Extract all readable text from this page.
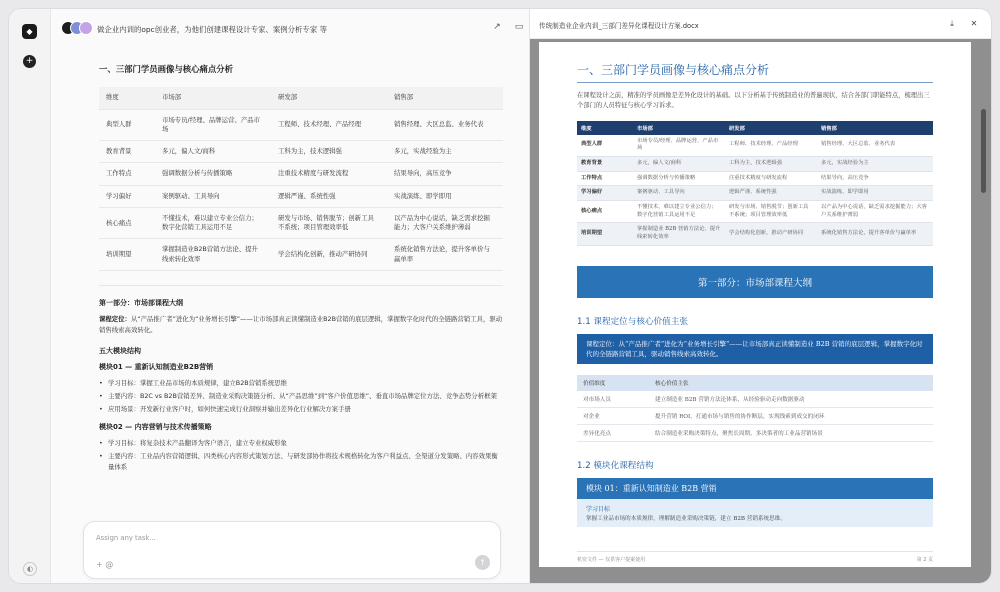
◆
+
◐
做企业内训的opc创业者，为他们创建课程设计专家、案例分析专家 等	↗ ▭
一、三部门学员画像与核心痛点分析
维度	市场部	研发部	销售部
典型人群	市场专员/经理、品牌运营、产品市场	工程师、技术经理、产品经理	销售经理、大区总监、业务代表
教育背景	多元，偏人文/商科	工科为主，技术逻辑强	多元，实战经验为主
工作特点	强调数据分析与传播策略	注重技术精度与研发流程	结果导向，高压竞争
学习偏好	案例驱动、工具导向	逻辑严谨、系统性强	实战演练、即学即用
核心痛点	不懂技术，难以建立专业公信力；数字化营销工具运用不足	研发与市场、销售脱节；创新工具不系统；项目管理效率低	以产品为中心说话，缺乏需求挖掘能力；大客户关系维护薄弱
培训期望	掌握制造业B2B营销方法论、提升线索转化效率	学会结构化创新，推动产研协同	系统化销售方法论，提升客单价与赢单率
第一部分：市场部课程大纲
课程定位：从“产品推广者”进化为“业务增长引擎”——让市场部真正读懂制造业B2B营销的底层逻辑，掌握数字化时代的全链路营销工具，驱动销售线索高效转化。
五大模块结构
模块01 — 重新认知制造业B2B营销
• 学习目标：掌握工业品市场的本质规律，建立B2B营销系统思维
• 主要内容：B2C vs B2B营销差异、制造业采购决策链分析、从“产品思维”到“客户价值思维”、垂直市场品牌定位方法、竞争态势分析框架
• 应用场景：开发新行业客户时，如何快速完成行业洞察并输出差异化行业解决方案手册
模块02 — 内容营销与技术传播策略
• 学习目标：将复杂技术产品翻译为客户语言，建立专业权威形象
• 主要内容：工业品内容营销逻辑、四类核心内容形式策划方法、与研发部协作将技术规格转化为客户利益点、全渠道分发策略、内容效果衡量体系
Assign any task...
+ @	↑
传统制造业企业内训_三部门差异化课程设计方案.docx	⤓	✕
一、三部门学员画像与核心痛点分析
在课程设计之前，精准的学员画像是差异化设计的基础。以下分析基于传统制造业的普遍现状，结合各部门职能特点，梳理出三个部门的人员特征与核心学习诉求。
维度	市场部	研发部	销售部
典型人群	市场专员/经理、品牌运营、产品市场	工程师、技术经理、产品经理	销售经理、大区总监、业务代表
教育背景	多元，偏人文/商科	工科为主，技术逻辑强	多元，实战经验为主
工作特点	强调数据分析与传播策略	注重技术精度与研发流程	结果导向，高压竞争
学习偏好	案例驱动、工具导向	逻辑严谨、系统性强	实战演练、即学即用
核心痛点	不懂技术，难以建立专业公信力；数字化营销工具运用不足	研发与市场、销售脱节；创新工具不系统；项目管理效率低	以产品为中心说话，缺乏需求挖掘能力；大客户关系维护薄弱
培训期望	掌握制造业 B2B 营销方法论、提升线索转化效率	学会结构化创新，推动产研协同	系统化销售方法论，提升客单价与赢单率
第一部分：市场部课程大纲
1.1 课程定位与核心价值主张
课程定位：从“产品推广者”进化为“业务增长引擎”——让市场部真正读懂制造业 B2B 营销的底层逻辑，掌握数字化时代的全链路营销工具，驱动销售线索高效转化。
价值维度	核心价值主张
对市场人员	建立制造业 B2B 营销方法论体系，从经验驱动走向数据驱动
对企业	提升营销 ROI，打通市场与销售的协作断层，实现线索到成交的闭环
差异化亮点	结合制造业采购决策特点，聚焦长周期、多决策者的工业品营销场景
1.2 模块化课程结构
模块 01：重新认知制造业 B2B 营销
学习目标
掌握工业品市场的本质规律，理解制造业采购决策链，建立 B2B 营销系统思维。
机密文件 — 仅供客户提案使用	第 2 页
